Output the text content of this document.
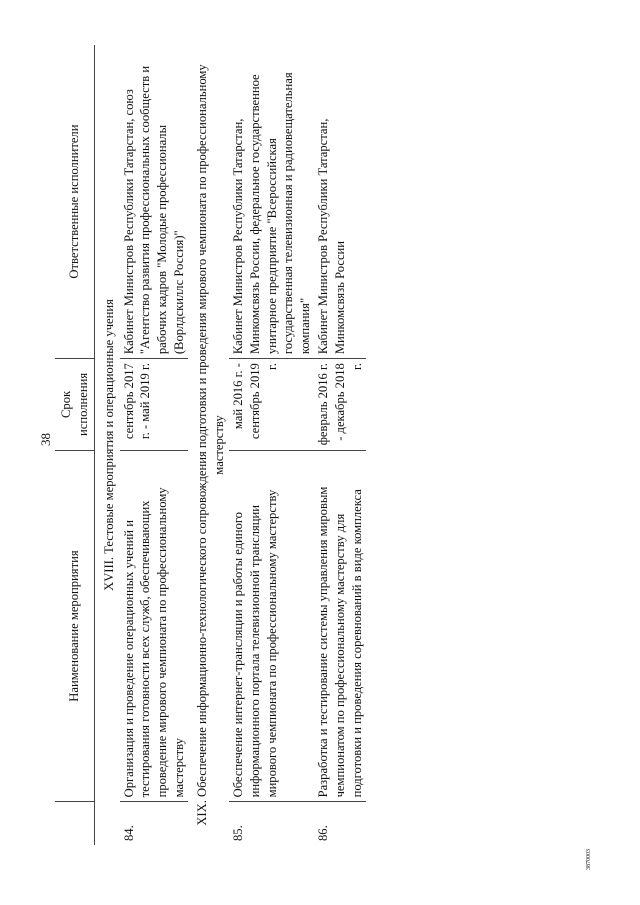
38
3870003
	Наименование мероприятия	Срок исполнения	Ответственные исполнители
XVIII. Тестовые мероприятия и операционные учения			
84.	Организация и проведение операционных учений и тестирования готовности всех служб, обеспечивающих проведение мирового чемпионата по профессиональному мастерству	сентябрь 2017 г. - май 2019 г.	Кабинет Министров Республики Татарстан, союз "Агентство развития профессиональных сообществ и рабочих кадров "Молодые профессионалы (Ворлдскиллс Россия)"
XIX. Обеспечение информационно-технологического сопровождения подготовки и проведения мирового чемпионата по профессиональному мастерству			
85.	Обеспечение интернет-трансляции и работы единого информационного портала телевизионной трансляции мирового чемпионата по профессиональному мастерству	май 2016 г. - сентябрь 2019 г.	Кабинет Министров Республики Татарстан, Минкомсвязь России, федеральное государственное унитарное предприятие "Всероссийская государственная телевизионная и радиовещательная компания"
86.	Разработка и тестирование системы управления мировым чемпионатом по профессиональному мастерству для подготовки и проведения соревнований в виде комплекса	февраль 2016 г. - декабрь 2018 г.	Кабинет Министров Республики Татарстан, Минкомсвязь России
